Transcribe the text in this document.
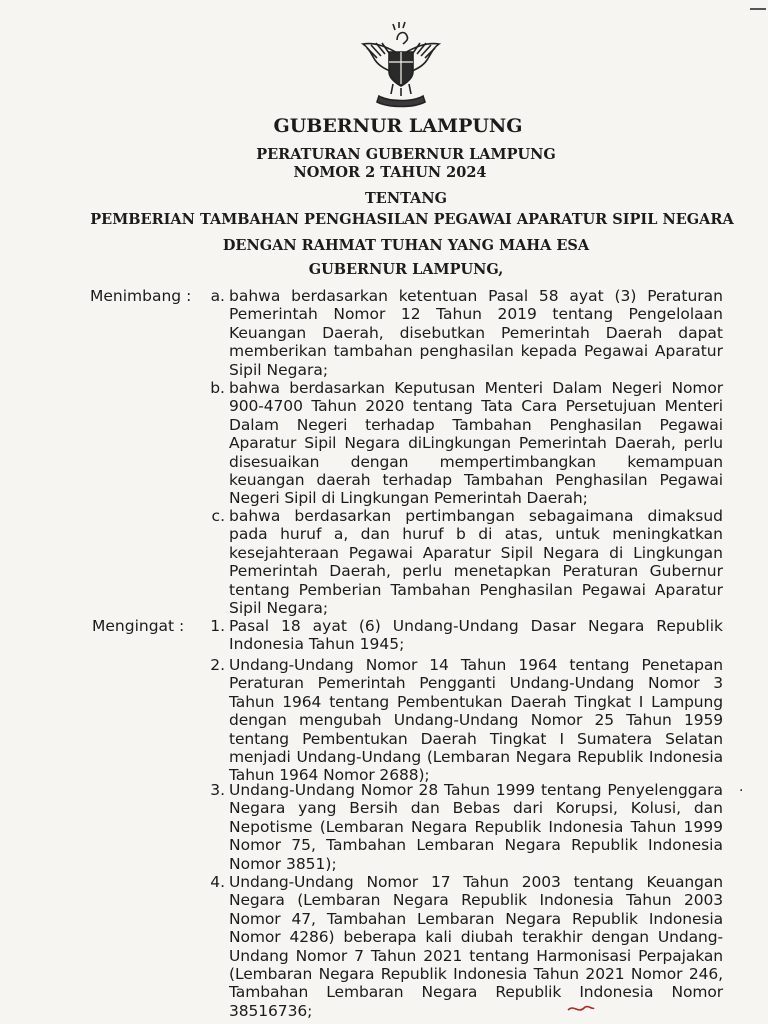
GUBERNUR LAMPUNG
PERATURAN GUBERNUR LAMPUNG
NOMOR 2 TAHUN 2024
TENTANG
PEMBERIAN TAMBAHAN PENGHASILAN PEGAWAI APARATUR SIPIL NEGARA
DENGAN RAHMAT TUHAN YANG MAHA ESA
GUBERNUR LAMPUNG,
Menimbang :	a. bahwa berdasarkan ketentuan Pasal 58 ayat (3) Peraturan Pemerintah Nomor 12 Tahun 2019 tentang Pengelolaan Keuangan Daerah, disebutkan Pemerintah Daerah dapat memberikan tambahan penghasilan kepada Pegawai Aparatur Sipil Negara;
b. bahwa berdasarkan Keputusan Menteri Dalam Negeri Nomor 900-4700 Tahun 2020 tentang Tata Cara Persetujuan Menteri Dalam Negeri terhadap Tambahan Penghasilan Pegawai Aparatur Sipil Negara diLingkungan Pemerintah Daerah, perlu disesuaikan dengan mempertimbangkan kemampuan keuangan daerah terhadap Tambahan Penghasilan Pegawai Negeri Sipil di Lingkungan Pemerintah Daerah;
c. bahwa berdasarkan pertimbangan sebagaimana dimaksud pada huruf a, dan huruf b di atas, untuk meningkatkan kesejahteraan Pegawai Aparatur Sipil Negara di Lingkungan Pemerintah Daerah, perlu menetapkan Peraturan Gubernur tentang Pemberian Tambahan Penghasilan Pegawai Aparatur Sipil Negara;
Mengingat :	1. Pasal 18 ayat (6) Undang-Undang Dasar Negara Republik Indonesia Tahun 1945;
2. Undang-Undang Nomor 14 Tahun 1964 tentang Penetapan Peraturan Pemerintah Pengganti Undang-Undang Nomor 3 Tahun 1964 tentang Pembentukan Daerah Tingkat I Lampung dengan mengubah Undang-Undang Nomor 25 Tahun 1959 tentang Pembentukan Daerah Tingkat I Sumatera Selatan menjadi Undang-Undang (Lembaran Negara Republik Indonesia Tahun 1964 Nomor 2688);
3. Undang-Undang Nomor 28 Tahun 1999 tentang Penyelenggara Negara yang Bersih dan Bebas dari Korupsi, Kolusi, dan Nepotisme (Lembaran Negara Republik Indonesia Tahun 1999 Nomor 75, Tambahan Lembaran Negara Republik Indonesia Nomor 3851);
4. Undang-Undang Nomor 17 Tahun 2003 tentang Keuangan Negara (Lembaran Negara Republik Indonesia Tahun 2003 Nomor 47, Tambahan Lembaran Negara Republik Indonesia Nomor 4286) beberapa kali diubah terakhir dengan Undang-Undang Nomor 7 Tahun 2021 tentang Harmonisasi Perpajakan (Lembaran Negara Republik Indonesia Tahun 2021 Nomor 246, Tambahan Lembaran Negara Republik Indonesia Nomor 38516736;
·
